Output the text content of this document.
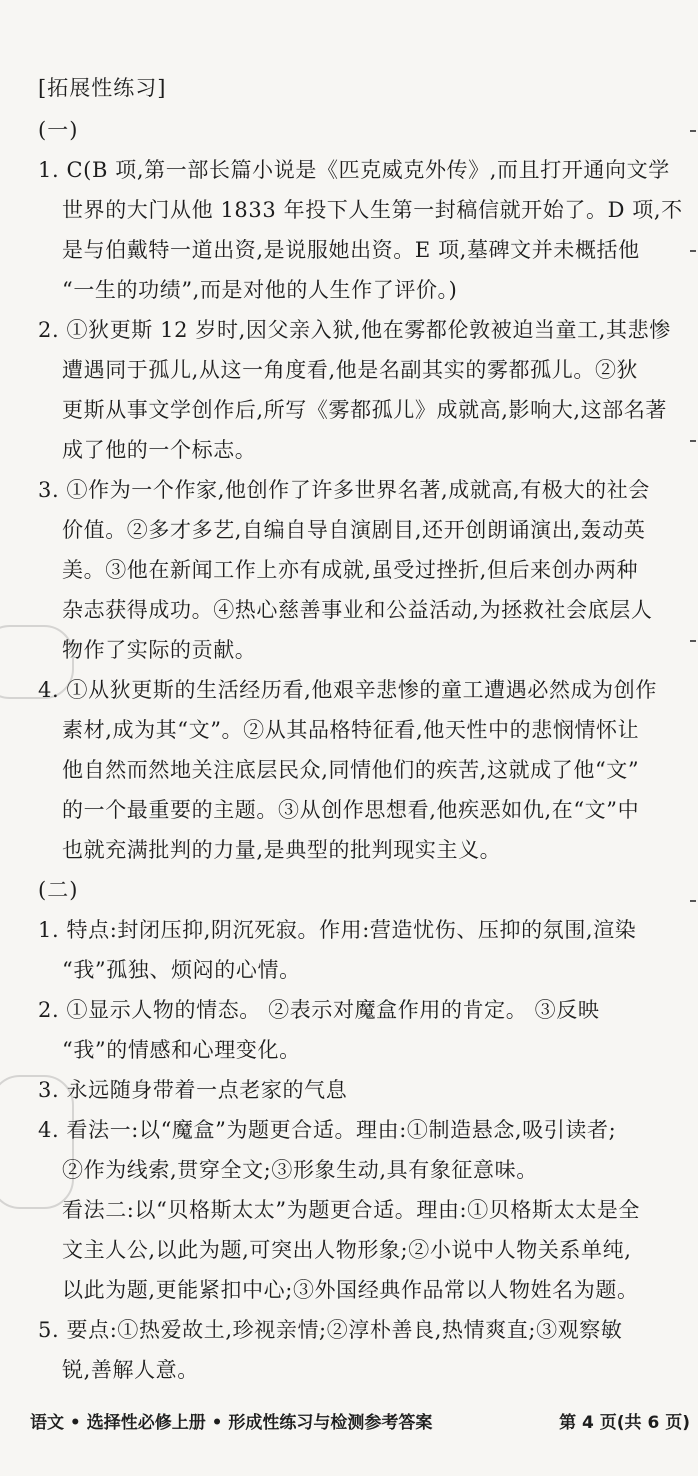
[拓展性练习]
(一)
1. C(B 项,第一部长篇小说是《匹克威克外传》,而且打开通向文学
世界的大门从他 1833 年投下人生第一封稿信就开始了。D 项,不
是与伯戴特一道出资,是说服她出资。E 项,墓碑文并未概括他
“一生的功绩”,而是对他的人生作了评价。)
2. ①狄更斯 12 岁时,因父亲入狱,他在雾都伦敦被迫当童工,其悲惨
遭遇同于孤儿,从这一角度看,他是名副其实的雾都孤儿。②狄
更斯从事文学创作后,所写《雾都孤儿》成就高,影响大,这部名著
成了他的一个标志。
3. ①作为一个作家,他创作了许多世界名著,成就高,有极大的社会
价值。②多才多艺,自编自导自演剧目,还开创朗诵演出,轰动英
美。③他在新闻工作上亦有成就,虽受过挫折,但后来创办两种
杂志获得成功。④热心慈善事业和公益活动,为拯救社会底层人
物作了实际的贡献。
4. ①从狄更斯的生活经历看,他艰辛悲惨的童工遭遇必然成为创作
素材,成为其“文”。②从其品格特征看,他天性中的悲悯情怀让
他自然而然地关注底层民众,同情他们的疾苦,这就成了他“文”
的一个最重要的主题。③从创作思想看,他疾恶如仇,在“文”中
也就充满批判的力量,是典型的批判现实主义。
(二)
1. 特点:封闭压抑,阴沉死寂。作用:营造忧伤、压抑的氛围,渲染
“我”孤独、烦闷的心情。
2. ①显示人物的情态。 ②表示对魔盒作用的肯定。 ③反映
“我”的情感和心理变化。
3. 永远随身带着一点老家的气息
4. 看法一:以“魔盒”为题更合适。理由:①制造悬念,吸引读者;
②作为线索,贯穿全文;③形象生动,具有象征意味。
看法二:以“贝格斯太太”为题更合适。理由:①贝格斯太太是全
文主人公,以此为题,可突出人物形象;②小说中人物关系单纯,
以此为题,更能紧扣中心;③外国经典作品常以人物姓名为题。
5. 要点:①热爱故土,珍视亲情;②淳朴善良,热情爽直;③观察敏
锐,善解人意。
语文 • 选择性必修上册 • 形成性练习与检测参考答案	第 4 页(共 6 页)
